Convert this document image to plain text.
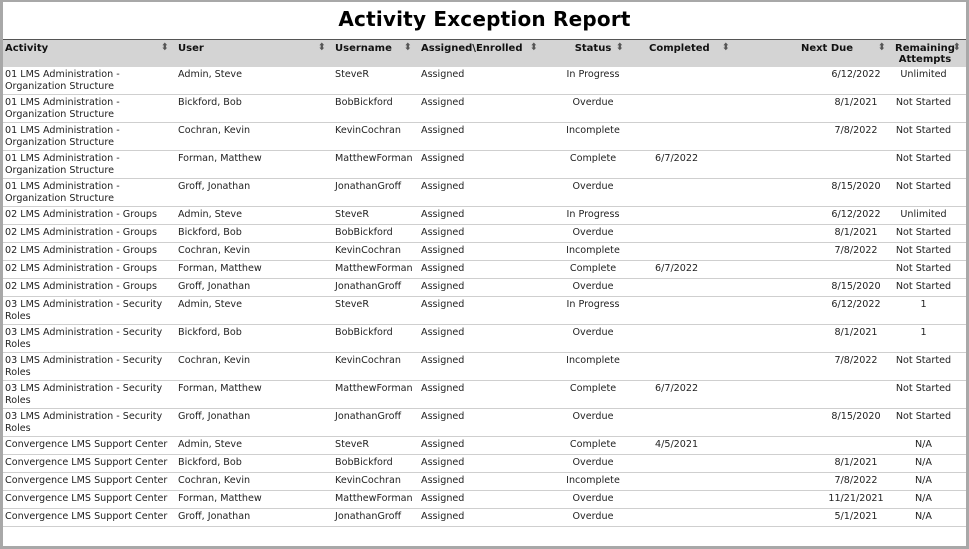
Activity Exception Report
Activity ⬍	User ⬍	Username ⬍	Assigned\Enrolled ⬍	Status ⬍	Completed ⬍	Next Due ⬍	Remaining Attempts
⬍

01 LMS Administration - Organization Structure	Admin, Steve	SteveR	Assigned	In Progress		6/12/2022	Unlimited
01 LMS Administration - Organization Structure	Bickford, Bob	BobBickford	Assigned	Overdue		8/1/2021	Not Started
01 LMS Administration - Organization Structure	Cochran, Kevin	KevinCochran	Assigned	Incomplete		7/8/2022	Not Started
01 LMS Administration - Organization Structure	Forman, Matthew	MatthewForman	Assigned	Complete	6/7/2022		Not Started
01 LMS Administration - Organization Structure	Groff, Jonathan	JonathanGroff	Assigned	Overdue		8/15/2020	Not Started
02 LMS Administration - Groups	Admin, Steve	SteveR	Assigned	In Progress		6/12/2022	Unlimited
02 LMS Administration - Groups	Bickford, Bob	BobBickford	Assigned	Overdue		8/1/2021	Not Started
02 LMS Administration - Groups	Cochran, Kevin	KevinCochran	Assigned	Incomplete		7/8/2022	Not Started
02 LMS Administration - Groups	Forman, Matthew	MatthewForman	Assigned	Complete	6/7/2022		Not Started
02 LMS Administration - Groups	Groff, Jonathan	JonathanGroff	Assigned	Overdue		8/15/2020	Not Started
03 LMS Administration - Security Roles	Admin, Steve	SteveR	Assigned	In Progress		6/12/2022	1
03 LMS Administration - Security Roles	Bickford, Bob	BobBickford	Assigned	Overdue		8/1/2021	1
03 LMS Administration - Security Roles	Cochran, Kevin	KevinCochran	Assigned	Incomplete		7/8/2022	Not Started
03 LMS Administration - Security Roles	Forman, Matthew	MatthewForman	Assigned	Complete	6/7/2022		Not Started
03 LMS Administration - Security Roles	Groff, Jonathan	JonathanGroff	Assigned	Overdue		8/15/2020	Not Started
Convergence LMS Support Center	Admin, Steve	SteveR	Assigned	Complete	4/5/2021		N/A
Convergence LMS Support Center	Bickford, Bob	BobBickford	Assigned	Overdue		8/1/2021	N/A
Convergence LMS Support Center	Cochran, Kevin	KevinCochran	Assigned	Incomplete		7/8/2022	N/A
Convergence LMS Support Center	Forman, Matthew	MatthewForman	Assigned	Overdue		11/21/2021	N/A
Convergence LMS Support Center	Groff, Jonathan	JonathanGroff	Assigned	Overdue		5/1/2021	N/A
